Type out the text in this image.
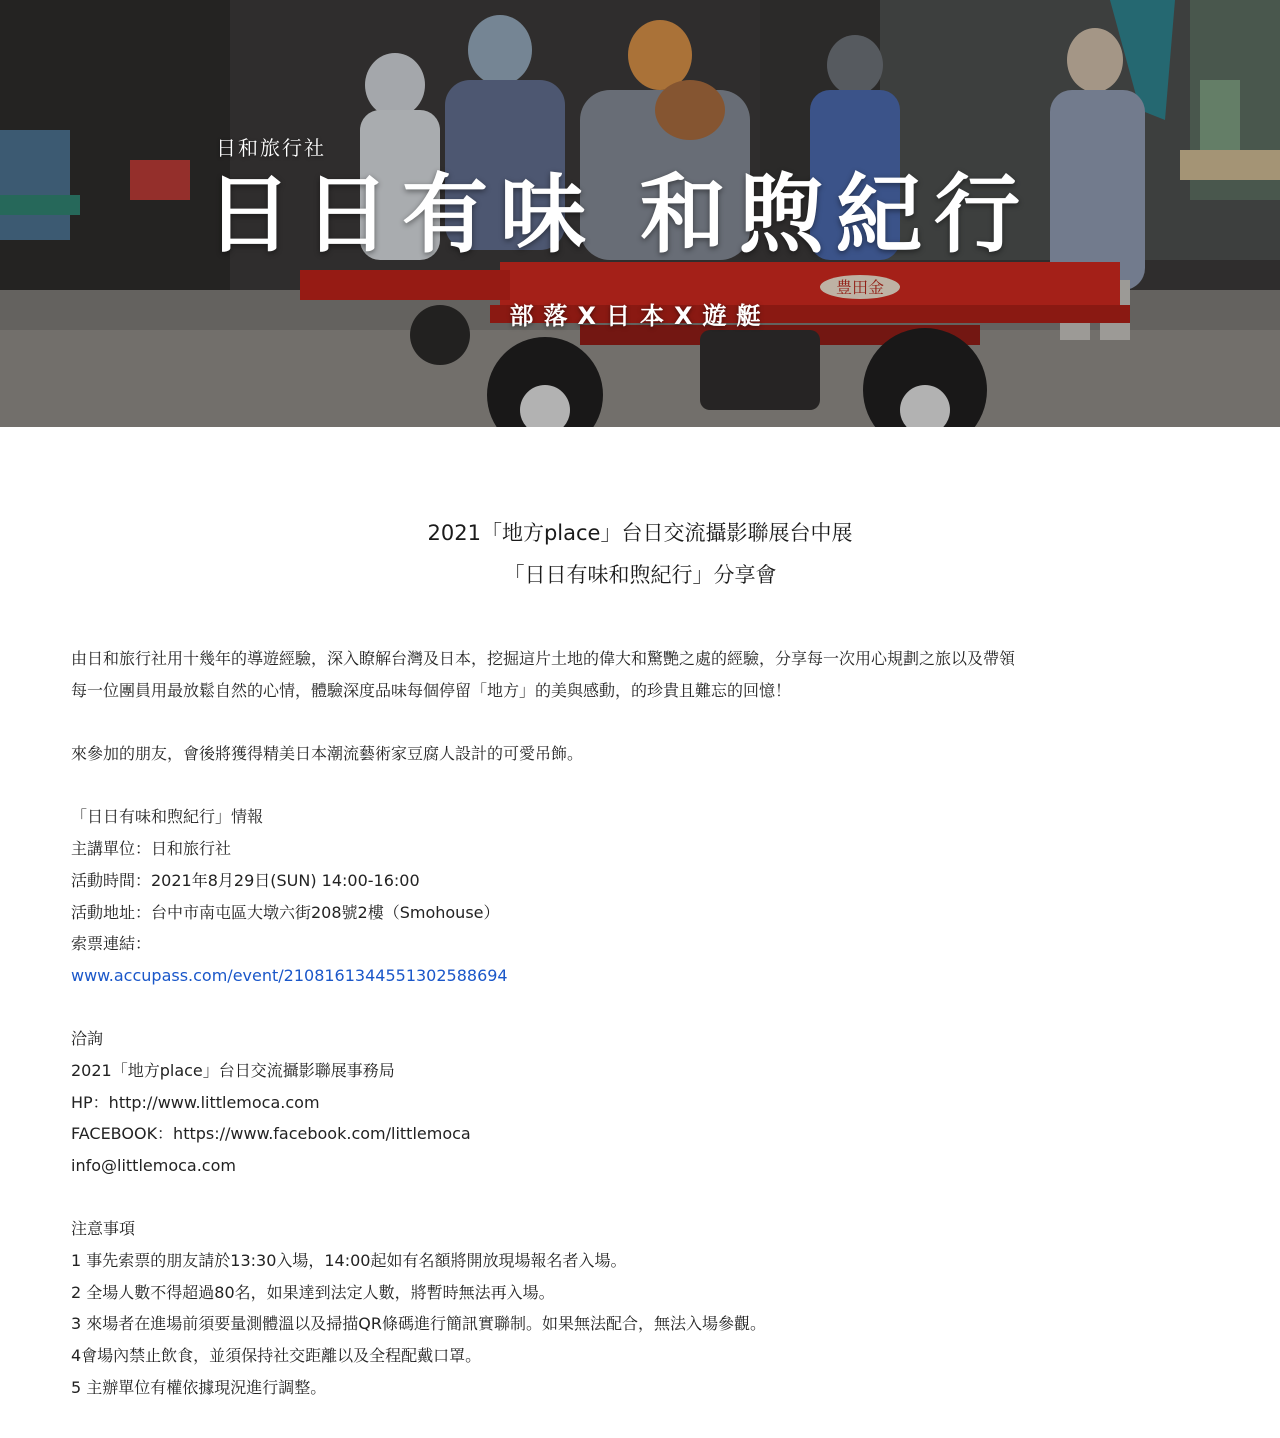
豊田金
日和旅行社
日日有味 和煦紀行
部落X日本X遊艇
2021「地方place」台日交流攝影聯展台中展
「日日有味和煦紀行」分享會
由日和旅行社用十幾年的導遊經驗，深入瞭解台灣及日本，挖掘這片土地的偉大和驚艷之處的經驗，分享每一次用心規劃之旅以及帶領
每一位團員用最放鬆自然的心情，體驗深度品味每個停留「地方」的美與感動，的珍貴且難忘的回憶！
來參加的朋友，會後將獲得精美日本潮流藝術家豆腐人設計的可愛吊飾。
「日日有味和煦紀行」情報
主講單位：日和旅行社
活動時間：2021年8月29日(SUN) 14:00-16:00
活動地址：台中市南屯區大墩六街208號2樓（Smohouse）
索票連結：
www.accupass.com/event/2108161344551302588694
洽詢
2021「地方place」台日交流攝影聯展事務局
HP：http://www.littlemoca.com
FACEBOOK：https://www.facebook.com/littlemoca
info@littlemoca.com
注意事項
1 事先索票的朋友請於13:30入場，14:00起如有名額將開放現場報名者入場。
2 全場人數不得超過80名，如果達到法定人數，將暫時無法再入場。
3 來場者在進場前須要量測體溫以及掃描QR條碼進行簡訊實聯制。如果無法配合，無法入場參觀。
4會場內禁止飲食，並須保持社交距離以及全程配戴口罩。
5 主辦單位有權依據現況進行調整。
